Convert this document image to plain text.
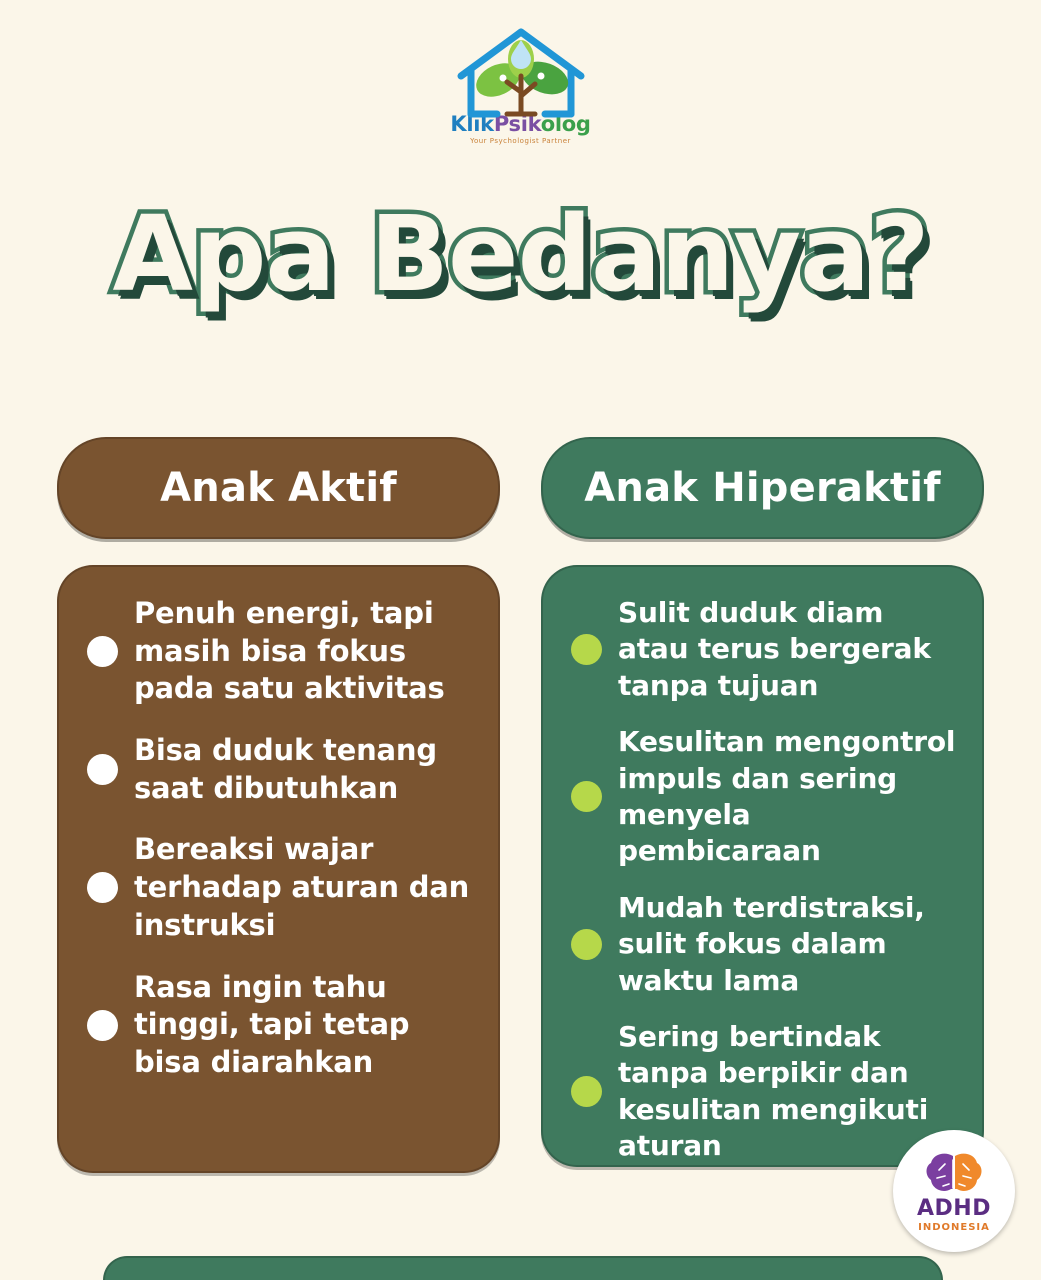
KlikPsikolog
Your Psychologist Partner
Apa Bedanya?
Anak Aktif
Penuh energi, tapi masih bisa fokus pada satu aktivitas
Bisa duduk tenang saat dibutuhkan
Bereaksi wajar terhadap aturan dan instruksi
Rasa ingin tahu tinggi, tapi tetap bisa diarahkan
Anak Hiperaktif
Sulit duduk diam atau terus bergerak tanpa tujuan
Kesulitan mengontrol impuls dan sering menyela pembicaraan
Mudah terdistraksi, sulit fokus dalam waktu lama
Sering bertindak tanpa berpikir dan kesulitan mengikuti aturan
ADHD
INDONESIA
